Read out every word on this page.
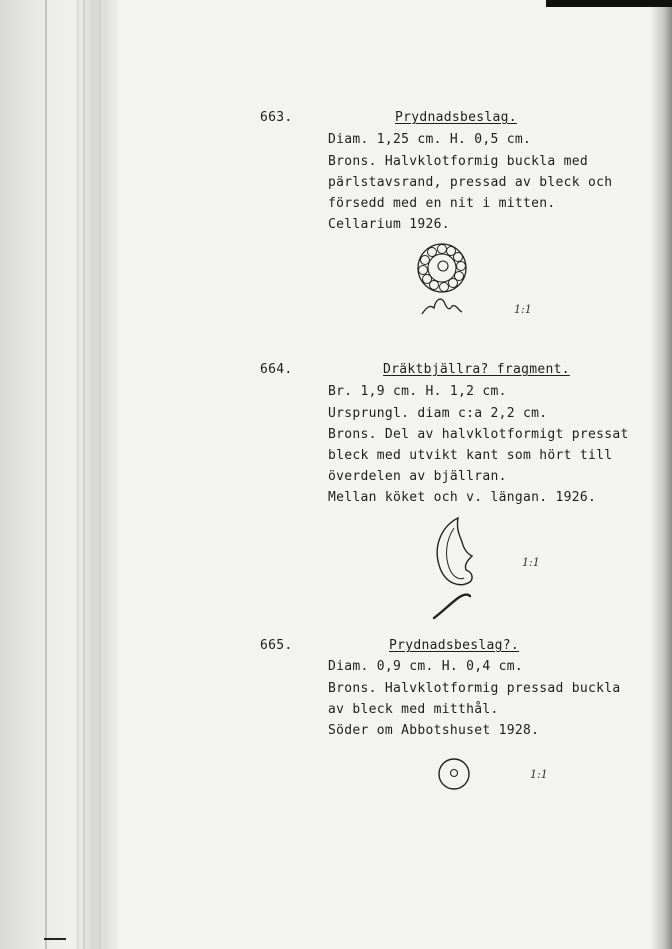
663.	Prydnadsbeslag.
Diam. 1,25 cm. H. 0,5 cm.
Brons. Halvklotformig buckla med
pärlstavsrand, pressad av bleck och
försedd med en nit i mitten.
Cellarium 1926.
1:1
664.	Dräktbjällra? fragment.
Br. 1,9 cm. H. 1,2 cm.
Ursprungl. diam c:a 2,2 cm.
Brons. Del av halvklotformigt pressat
bleck med utvikt kant som hört till
överdelen av bjällran.
Mellan köket och v. längan. 1926.
1:1
665.	Prydnadsbeslag?.
Diam. 0,9 cm. H. 0,4 cm.
Brons. Halvklotformig pressad buckla
av bleck med mitthål.
Söder om Abbotshuset 1928.
1:1
